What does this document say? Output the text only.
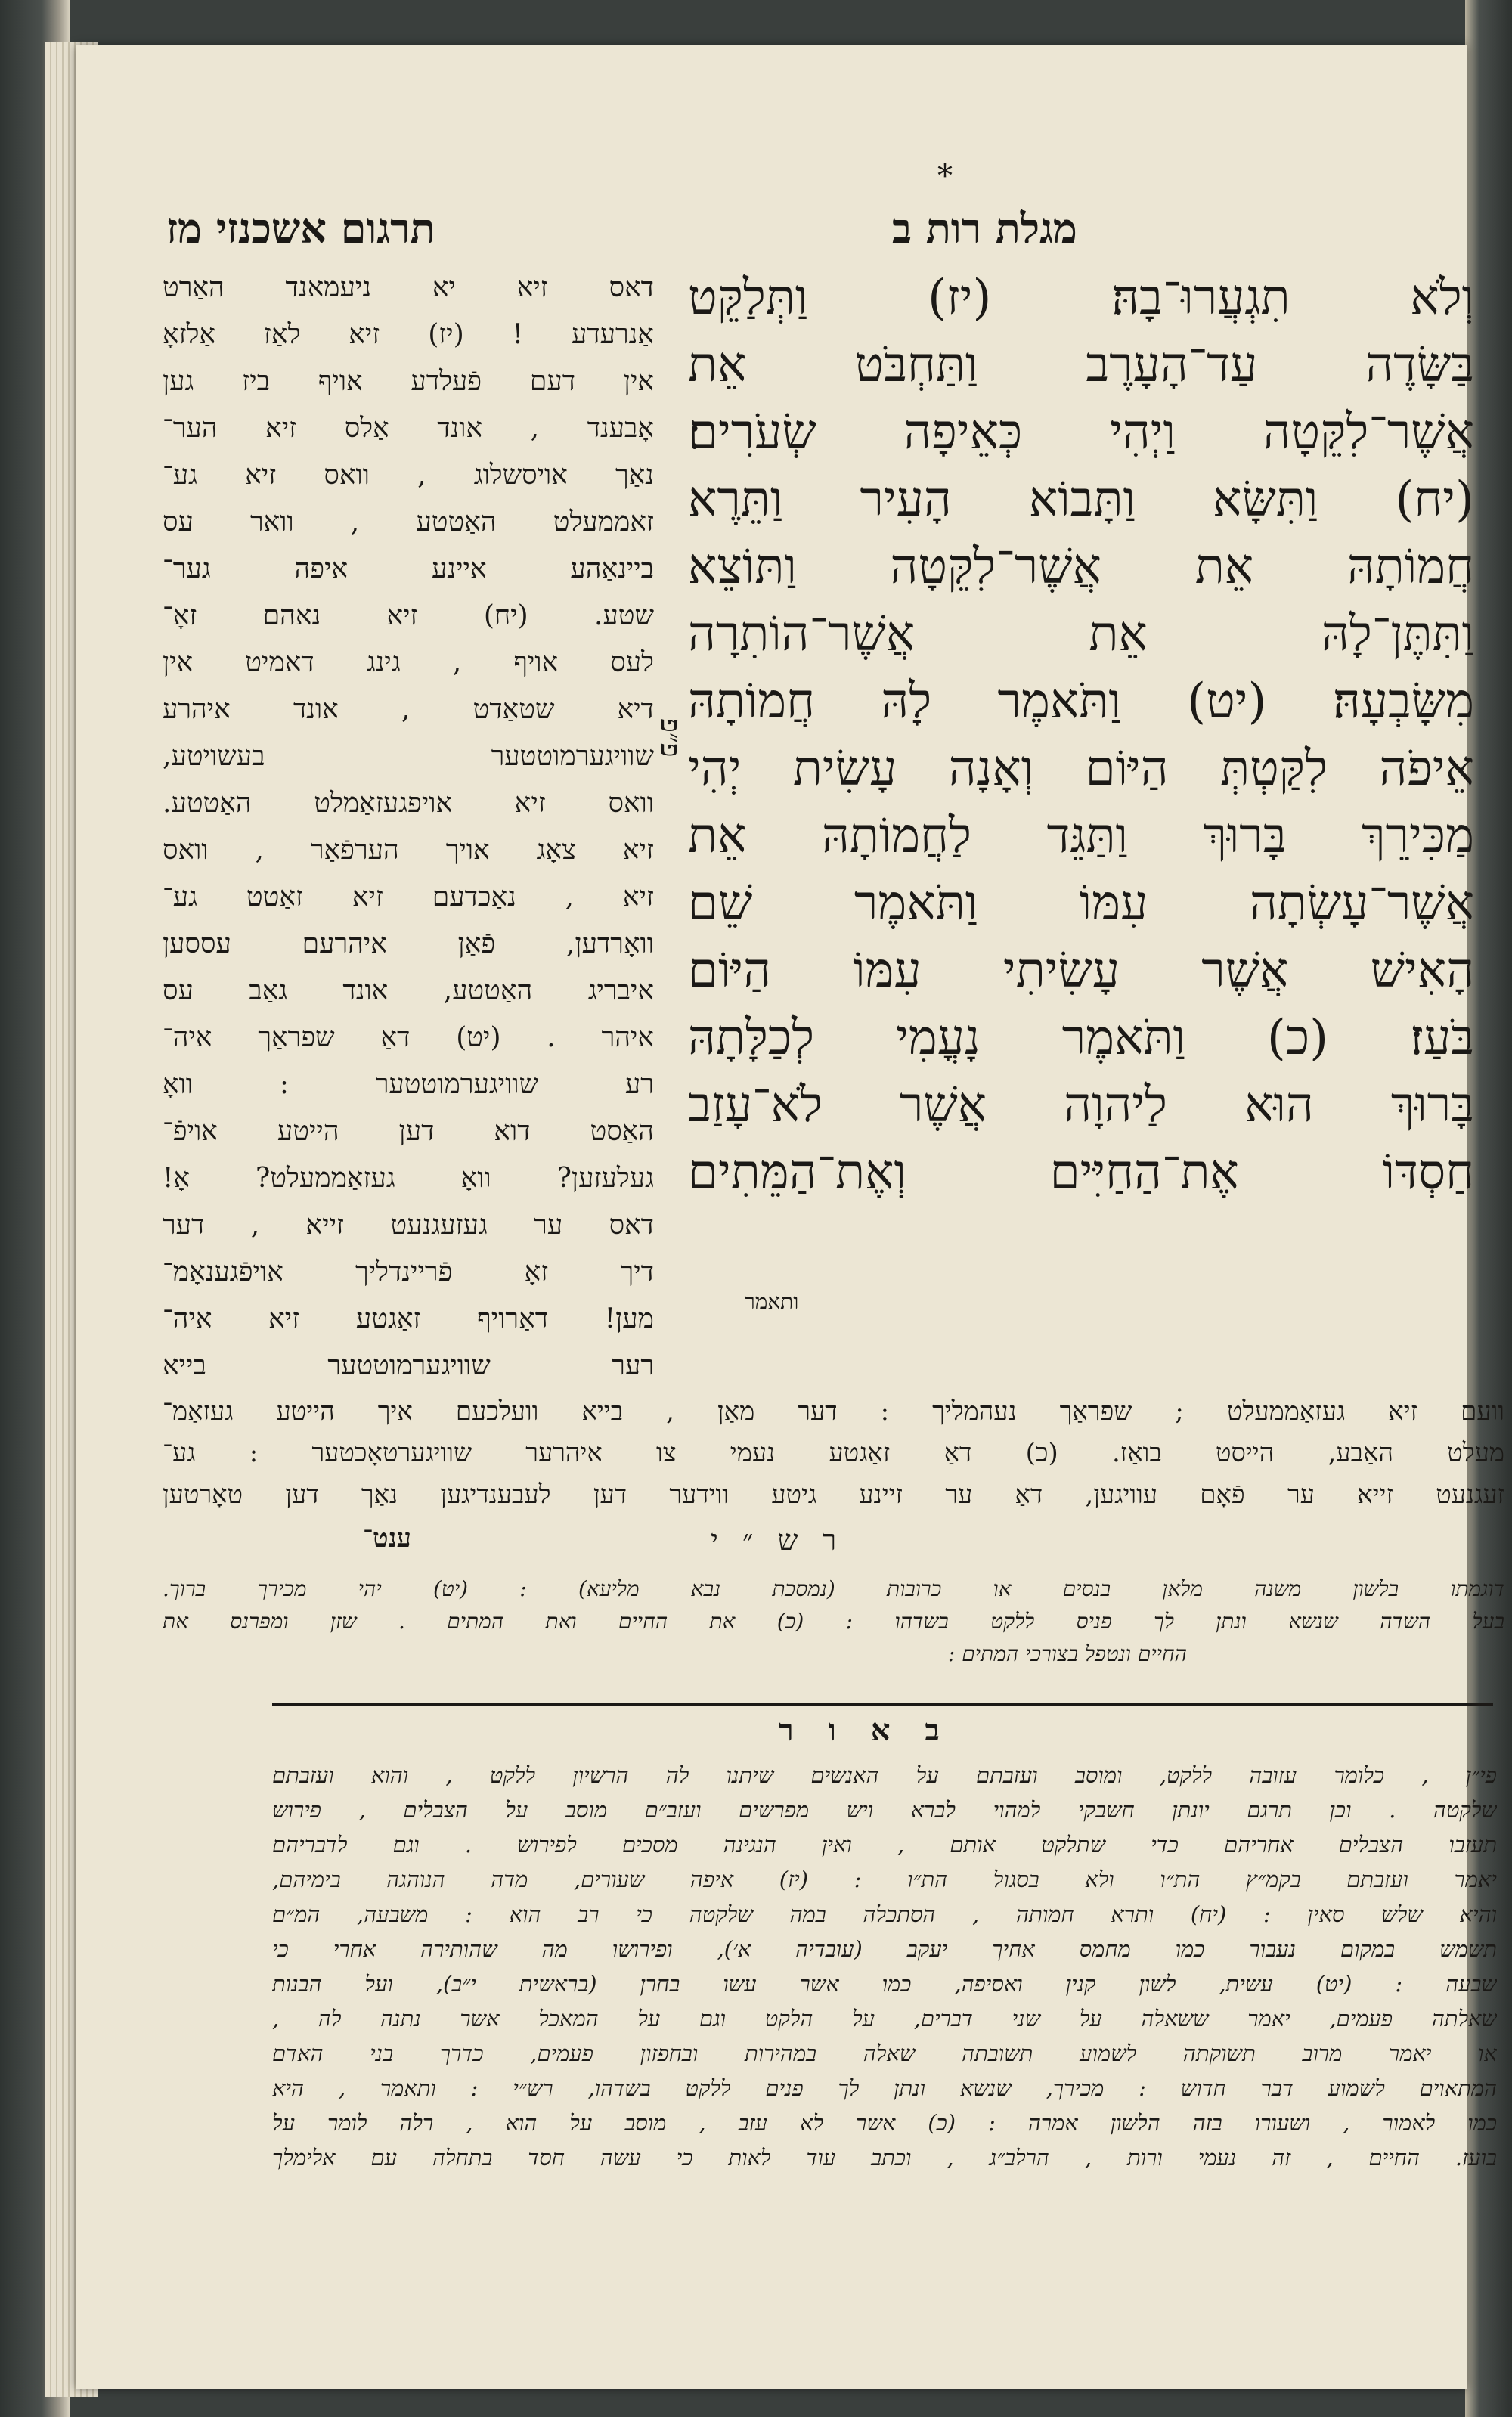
תרגום אשכנזי מז	מגלת רות ב
*
דאס זיא יא ניעמאנד האַרט
אַנרעדע ! (יז) זיא לאַז אַלזאָ
אין דעם פֿעלדע אויף ביז גען
אָבענד , אונד אַלס זיא הער־
נאַך אויסשלוג , וואס זיא גע־
זאממעלט האַטטע , וואר עס
ביינאַהע איינע איפה גער־
שטע. (יח) זיא נאהם זאָ־
לעס אויף , גינג דאמיט אין
דיא שטאַדט , אונד איהרע
שוויגערמוטטער בעשויטע,
וואס זיא אויפגעזאַמלט האַטטע.
זיא צאָג אויך הערפֿאַר , וואס
זיא , נאַכדעם זיא זאַטט גע־
וואָרדען, פֿאַן איהרעם עססען
איבריג האַטטע, אונד גאַב עס
איהר . (יט) דאַ שפראַך איה־
רע שוויגערמוטטער : וואָ
האַסט דוא דען הייטע אויפֿ־
געלעזען? וואָ געזאַממעלט? אָ!
דאס ער געזעגנעט זייא , דער
דיך זאָ פֿריינדליך אויפֿגענאָמ־
מען! דאַרויף זאַגטע זיא איה־
רער שוויגערמוטטער בייא
פ״פ
וְלֹא תִגְעֲרוּ־בָהּ׃ (יז) וַתְּלַקֵּט
בַּשָּׂדֶה עַד־הָעָרֶב וַתַּחְבֹּט אֵת
אֲשֶׁר־לִקֵּטָה וַיְהִי כְּאֵיפָה שְׂעֹרִים׃
(יח) וַתִּשָּׂא וַתָּבוֹא הָעִיר וַתֵּרֶא
חֲמוֹתָהּ אֵת אֲשֶׁר־לִקֵּטָה וַתּוֹצֵא
וַתִּתֶּן־לָהּ אֵת אֲשֶׁר־הוֹתִרָה
מִשָּׂבְעָהּ׃ (יט) וַתֹּאמֶר לָהּ חֲמוֹתָהּ
אֵיפֹה לִקַּטְתְּ הַיּוֹם וְאָנָה עָשִׂית יְהִי
מַכִּירֵךְ בָּרוּךְ וַתַּגֵּד לַחֲמוֹתָהּ אֵת
אֲשֶׁר־עָשְׂתָה עִמּוֹ וַתֹּאמֶר שֵׁם
הָאִישׁ אֲשֶׁר עָשִׂיתִי עִמּוֹ הַיּוֹם
בֹּעַז׃ (כ) וַתֹּאמֶר נָעֳמִי לְכַלָּתָהּ
בָּרוּךְ הוּא לַיהוָה אֲשֶׁר לֹא־עָזַב
חַסְדּוֹ אֶת־הַחַיִּים וְאֶת־הַמֵּתִים
ותאמר
וועם זיא געזאַממעלט ; שפראַך נעהמליך : דער מאַן , בייא וועלכעם איך הייטע געזאַמ־
מעלט האַבע, הייסט בואַז. (כ) דאַ זאַגטע נעמי צו איהרער שוויגערטאָכטער : גע־
זעגנעט זייא ער פֿאָם עוויגען, דאַ ער זיינע גיטע ווידער דען לעבענדיגען נאַך דען טאָרטען
ענט־	ר ש ״ י
דוגמתו בלשון משנה מלאן בנסים או כרובות (נמסכת נבא מליעא) : (יט) יהי מכירך ברוך.
בעל השדה שנשא ונתן לך פניס ללקט בשדהו : (כ) את החיים ואת המתים . שזן ומפרנס את
החיים ונטפל בצורכי המתים :
ב א ו ר
פי״ן , כלומר עזובה ללקט, ומוסב ועזבתם על האנשים שיתנו לה הרשיון ללקט , והוא ועזבתם
שלקטה . וכן תרגם יונתן חשבקי למהוי לברא ויש מפרשים ועזב״ם מוסב על הצבלים , פירוש
תעזבו הצבלים אחריהם כדי שתלקט אותם , ואין הנגינה מסכים לפירוש . וגם לדבריהם
יאמר ועזבתם בקמ״ץ הת״ו ולא בסגול הת״ו : (יז) איפה שעורים, מדה הנוהגה בימיהם,
והיא שלש סאין : (יח) ותרא חמותה , הסתכלה במה שלקטה כי רב הוא : משבעה, המ״ם
תשמש במקום נעבור כמו מחמס אחיך יעקב (עובדיה א׳), ופירושו מה שהותירה אחרי כי
שבעה : (יט) עשית, לשון קנין ואסיפה, כמו אשר עשו בחרן (בראשית י״ב), ועל הבנות
שאלתה פעמים, יאמר ששאלה על שני דברים, על הלקט וגם על המאכל אשר נתנה לה ,
או יאמר מרוב תשוקתה לשמוע תשובתה שאלה במהירות ובחפזון פעמים, כדרך בני האדם
המתאוים לשמוע דבר חדוש : מכירך, שנשא ונתן לך פנים ללקט בשדהו, רש״י : ותאמר , היא
כמו לאמור , ושעורו בזה הלשון אמרה : (כ) אשר לא עזב , מוסב על הוא , רלה לומר על
בועז. החיים , זה נעמי ורות , הרלב״ג , וכתב עוד לאות כי עשה חסד בתחלה עם אלימלך
